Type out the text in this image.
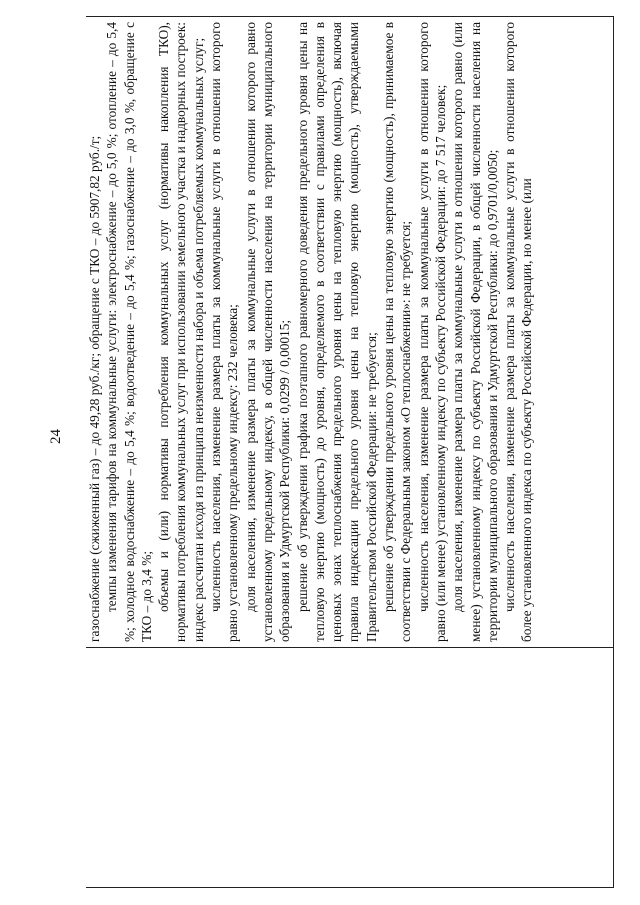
24 газоснабжение (сжиженный газ) – до 49,28 руб./кг; обращение с ТКО – до 5907,82 руб./т; темпы изменения тарифов на коммунальные услуги: электроснабжение – до 5,0 %; отопление – до 5,4 %; холодное водоснабжение – до 5,4 %; водоотведение – до 5,4 %; газоснабжение – до 3,0 %, обращение с ТКО – до 3,4 %; объемы и (или) нормативы потребления коммунальных услуг (нормативы накопления ТКО), нормативы потребления коммунальных услуг при использовании земельного участка и надворных построек: индекс рассчитан исходя из принципа неизменности набора и объема потребляемых коммунальных услуг; численность населения, изменение размера платы за коммунальные услуги в отношении которого равно установленному предельному индексу: 232 человека; доля населения, изменение размера платы за коммунальные услуги в отношении которого равно установленному предельному индексу, в общей численности населения на территории муниципального образования и Удмуртской Республики: 0,0299 / 0,00015; решение об утверждении графика поэтапного равномерного доведения предельного уровня цены на тепловую энергию (мощность) до уровня, определяемого в соответствии с правилами определения в ценовых зонах теплоснабжения предельного уровня цены на тепловую энергию (мощность), включая правила индексации предельного уровня цены на тепловую энергию (мощность), утверждаемыми Правительством Российской Федерации: не требуется; решение об утверждении предельного уровня цены на тепловую энергию (мощность), принимаемое в соответствии с Федеральным законом «О теплоснабжении»: не требуется; численность населения, изменение размера платы за коммунальные услуги в отношении которого равно (или менее) установленному индексу по субъекту Российской Федерации: до 7 517 человек; доля населения, изменение размера платы за коммунальные услуги в отношении которого равно (или менее) установленному индексу по субъекту Российской Федерации, в общей численности населения на территории муниципального образования и Удмуртской Республики: до 0,9701/0,0050; численность населения, изменение размера платы за коммунальные услуги в отношении которого более установленного индекса по субъекту Российской Федерации, но менее (или
